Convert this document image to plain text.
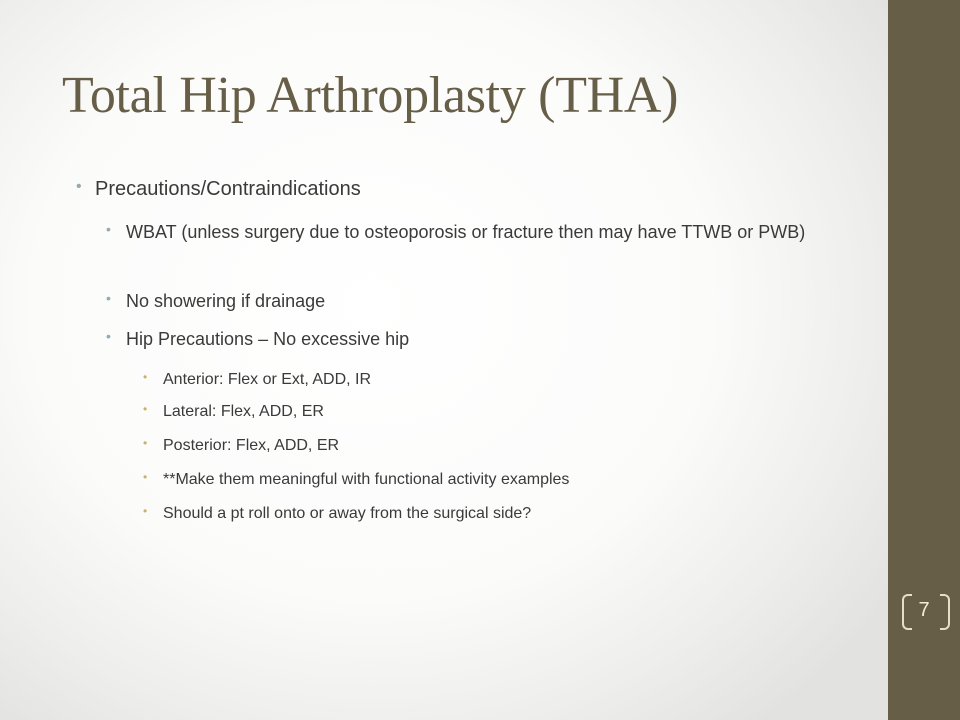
Total Hip Arthroplasty (THA)
• Precautions/Contraindications
• WBAT (unless surgery due to osteoporosis or fracture then may have TTWB or PWB)
• No showering if drainage
• Hip Precautions – No excessive hip
• Anterior: Flex or Ext, ADD, IR
• Lateral: Flex, ADD, ER
• Posterior: Flex, ADD, ER
• **Make them meaningful with functional activity examples
• Should a pt roll onto or away from the surgical side?
7
